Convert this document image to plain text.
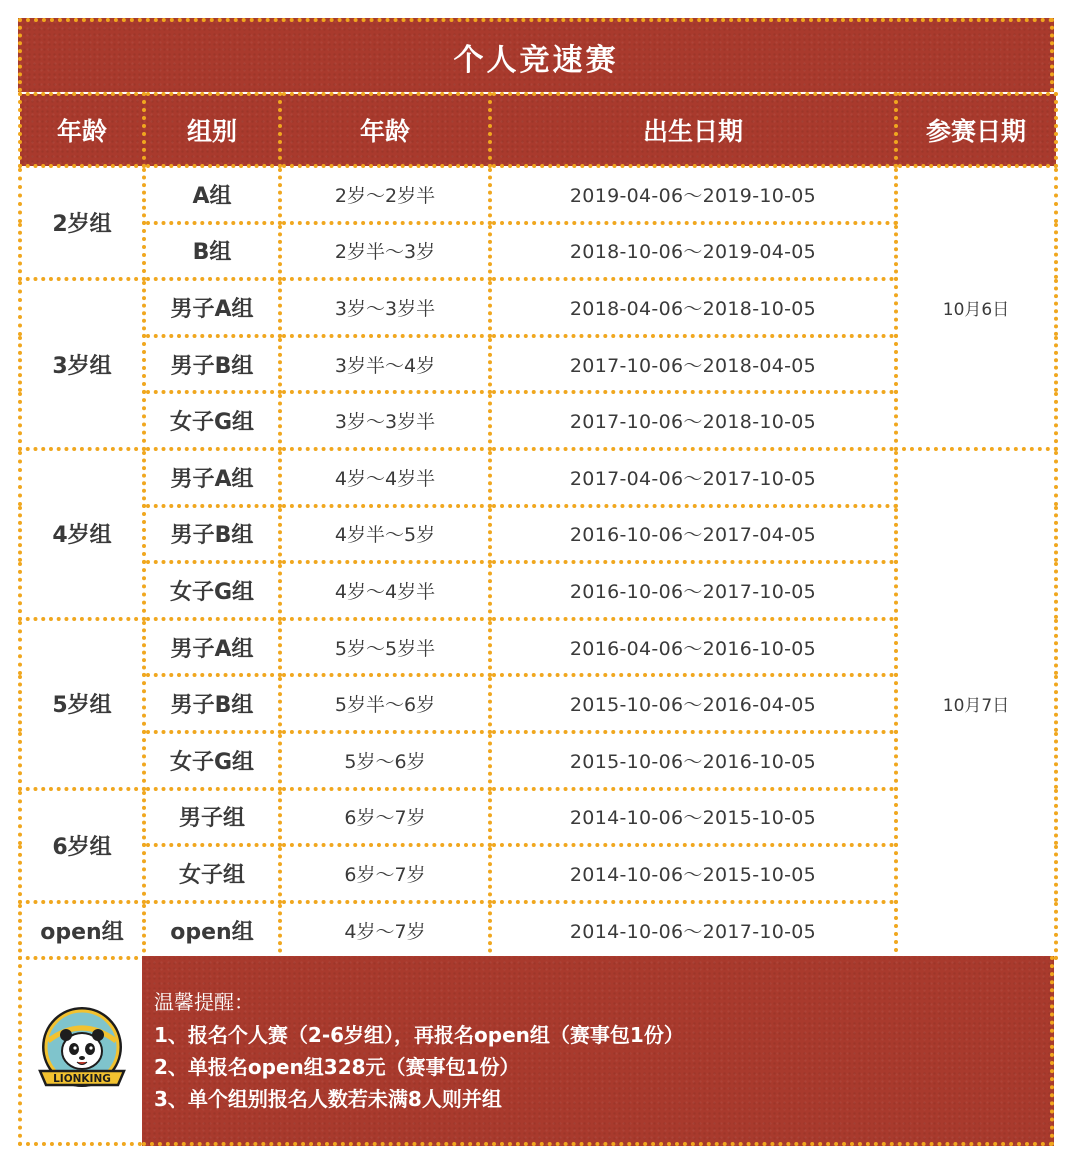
个人竞速赛
年龄	组别	年龄	出生日期	参赛日期
2岁组	A组	2岁～2岁半	2019-04-06～2019-10-05	10月6日
	B组	2岁半～3岁	2018-10-06～2019-04-05	
3岁组	男子A组	3岁～3岁半	2018-04-06～2018-10-05	
	男子B组	3岁半～4岁	2017-10-06～2018-04-05	
	女子G组	3岁～3岁半	2017-10-06～2018-10-05	
4岁组	男子A组	4岁～4岁半	2017-04-06～2017-10-05	10月7日
	男子B组	4岁半～5岁	2016-10-06～2017-04-05	
	女子G组	4岁～4岁半	2016-10-06～2017-10-05	
5岁组	男子A组	5岁～5岁半	2016-04-06～2016-10-05	
	男子B组	5岁半～6岁	2015-10-06～2016-04-05	
	女子G组	5岁～6岁	2015-10-06～2016-10-05	
6岁组	男子组	6岁～7岁	2014-10-06～2015-10-05	
	女子组	6岁～7岁	2014-10-06～2015-10-05	
open组	open组	4岁～7岁	2014-10-06～2017-10-05	
LIONKING
温馨提醒：
1、报名个人赛（2-6岁组），再报名open组（赛事包1份）
2、单报名open组328元（赛事包1份）
3、单个组别报名人数若未满8人则并组
